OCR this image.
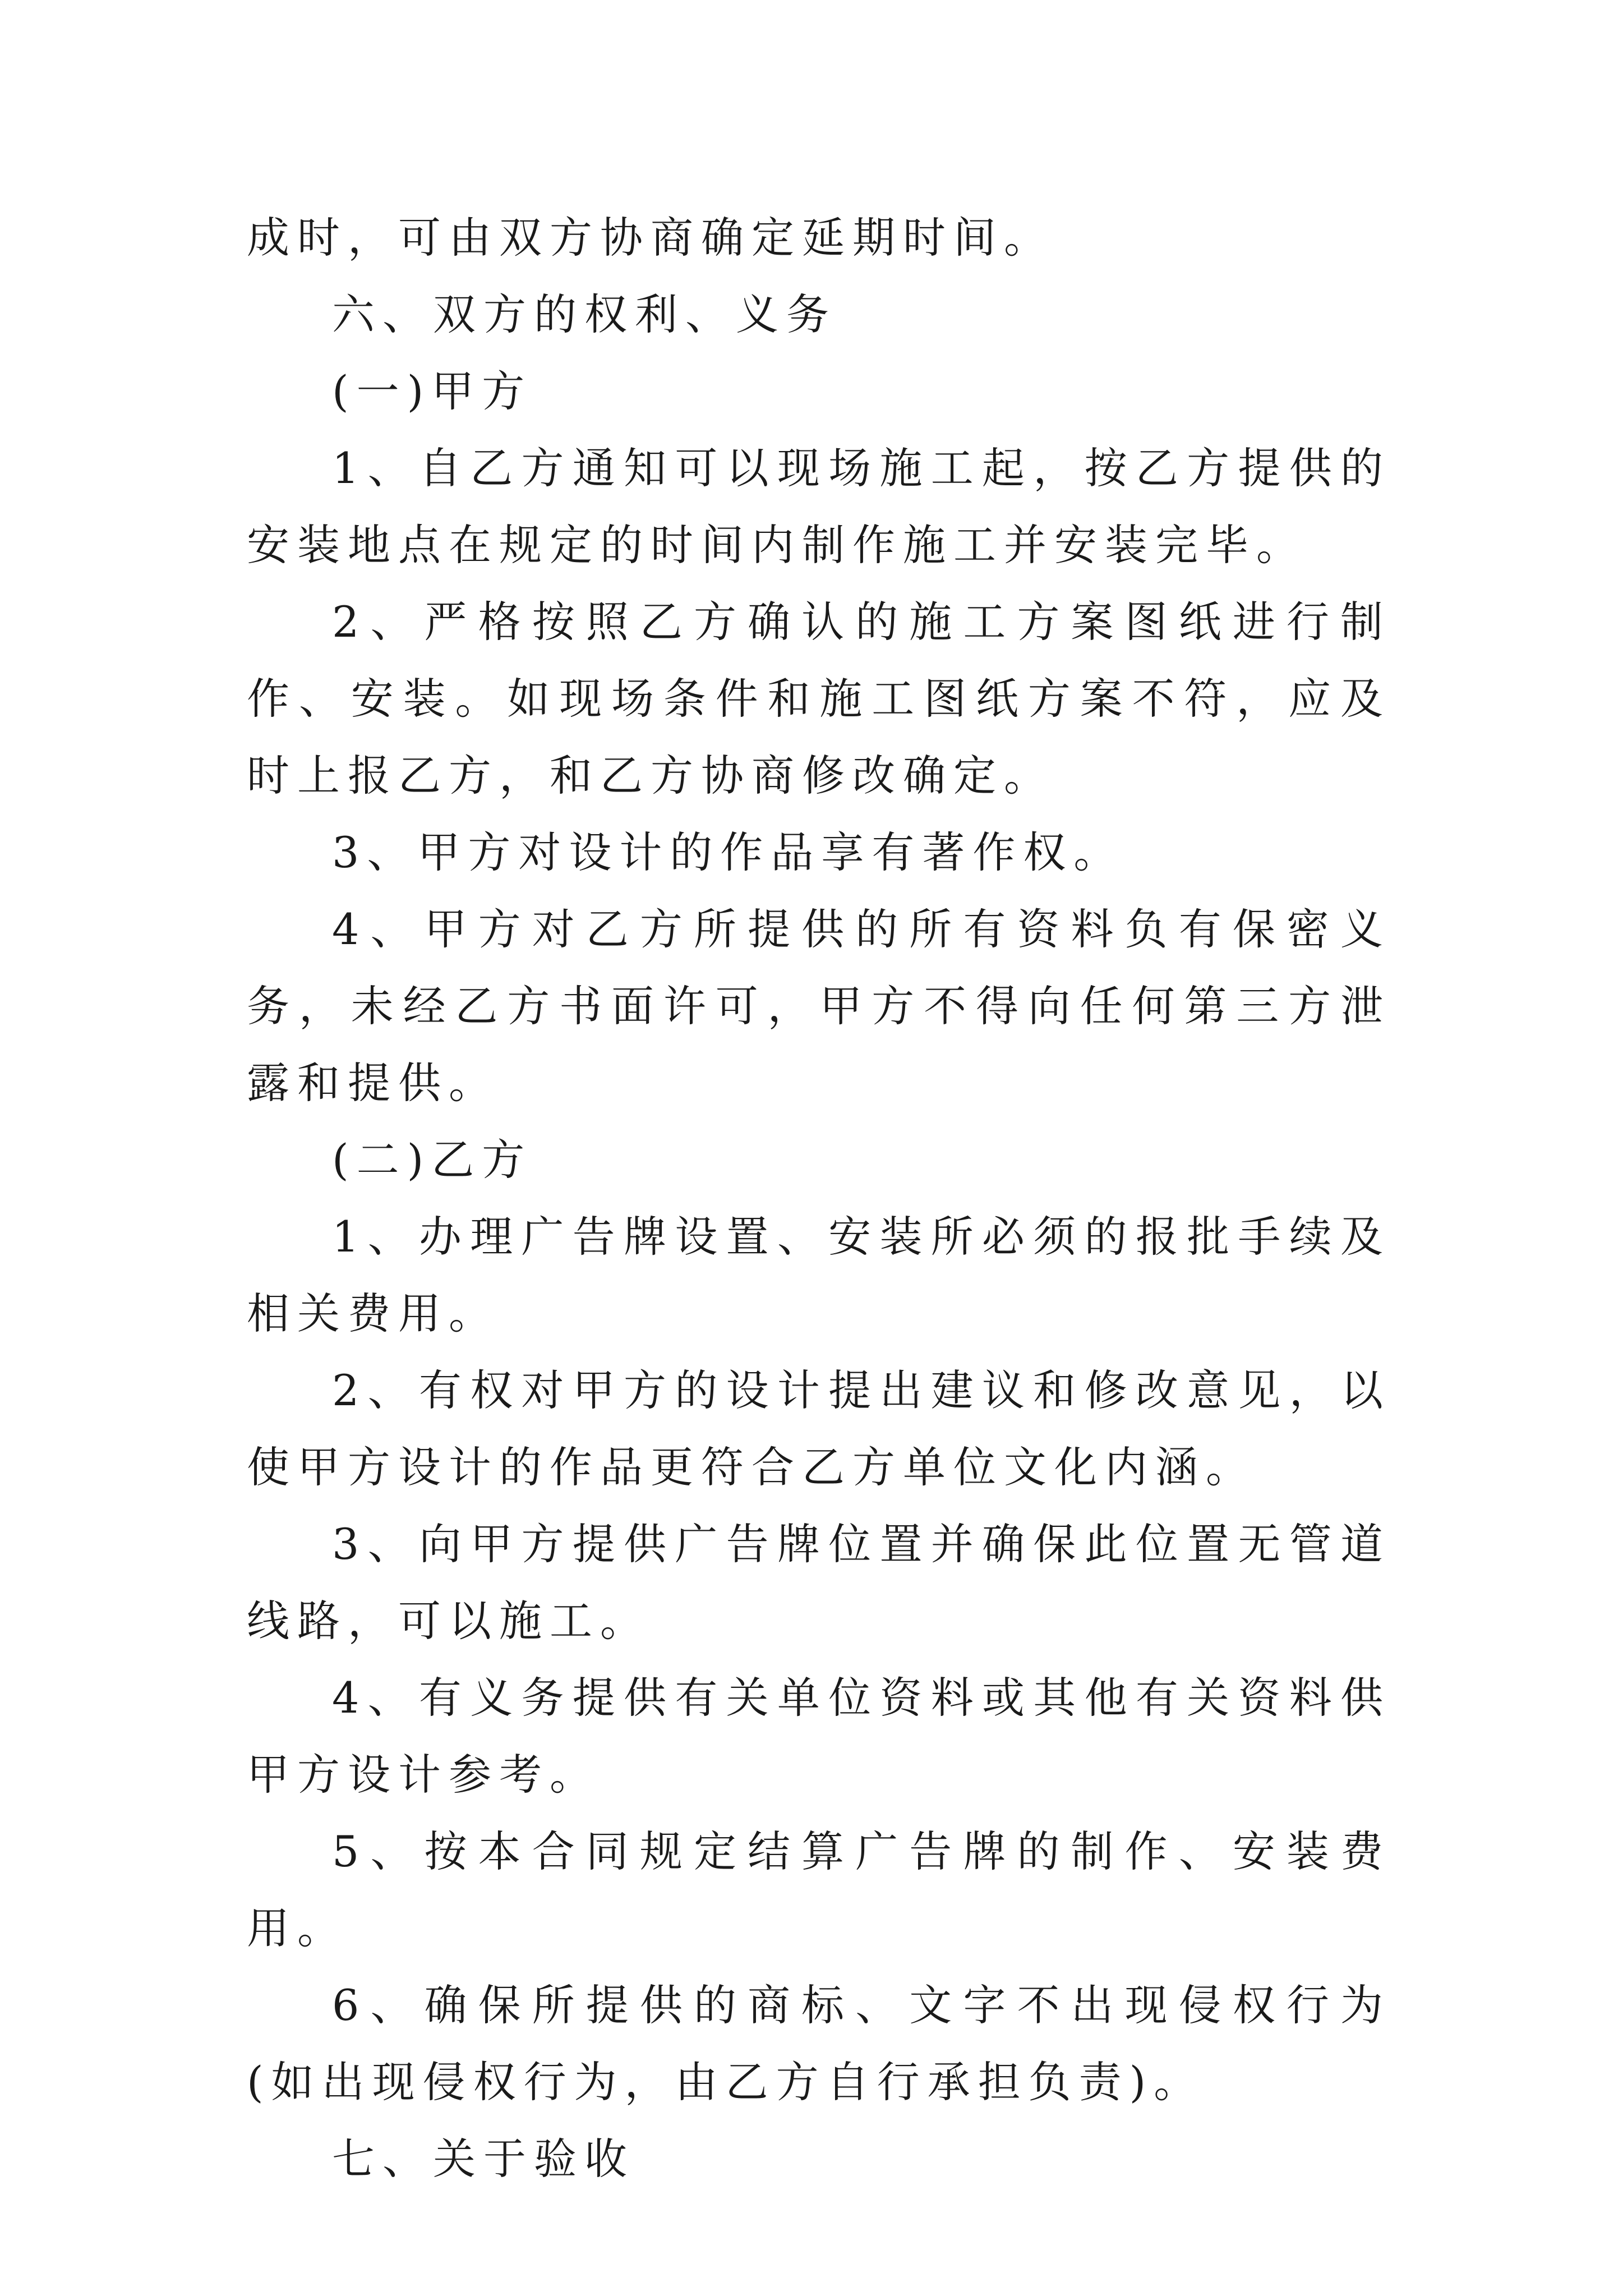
成时，可由双方协商确定延期时间。

六、双方的权利、义务

(一)甲方

1、自乙方通知可以现场施工起，按乙方提供的安装地点在规定的时间内制作施工并安装完毕。

2、严格按照乙方确认的施工方案图纸进行制作、安装。如现场条件和施工图纸方案不符，应及时上报乙方，和乙方协商修改确定。

3、甲方对设计的作品享有著作权。

4、甲方对乙方所提供的所有资料负有保密义务，未经乙方书面许可，甲方不得向任何第三方泄露和提供。

(二)乙方

1、办理广告牌设置、安装所必须的报批手续及相关费用。

2、有权对甲方的设计提出建议和修改意见，以使甲方设计的作品更符合乙方单位文化内涵。

3、向甲方提供广告牌位置并确保此位置无管道线路，可以施工。

4、有义务提供有关单位资料或其他有关资料供甲方设计参考。

5、按本合同规定结算广告牌的制作、安装费用。

6、确保所提供的商标、文字不出现侵权行为(如出现侵权行为，由乙方自行承担负责)。

七、关于验收
